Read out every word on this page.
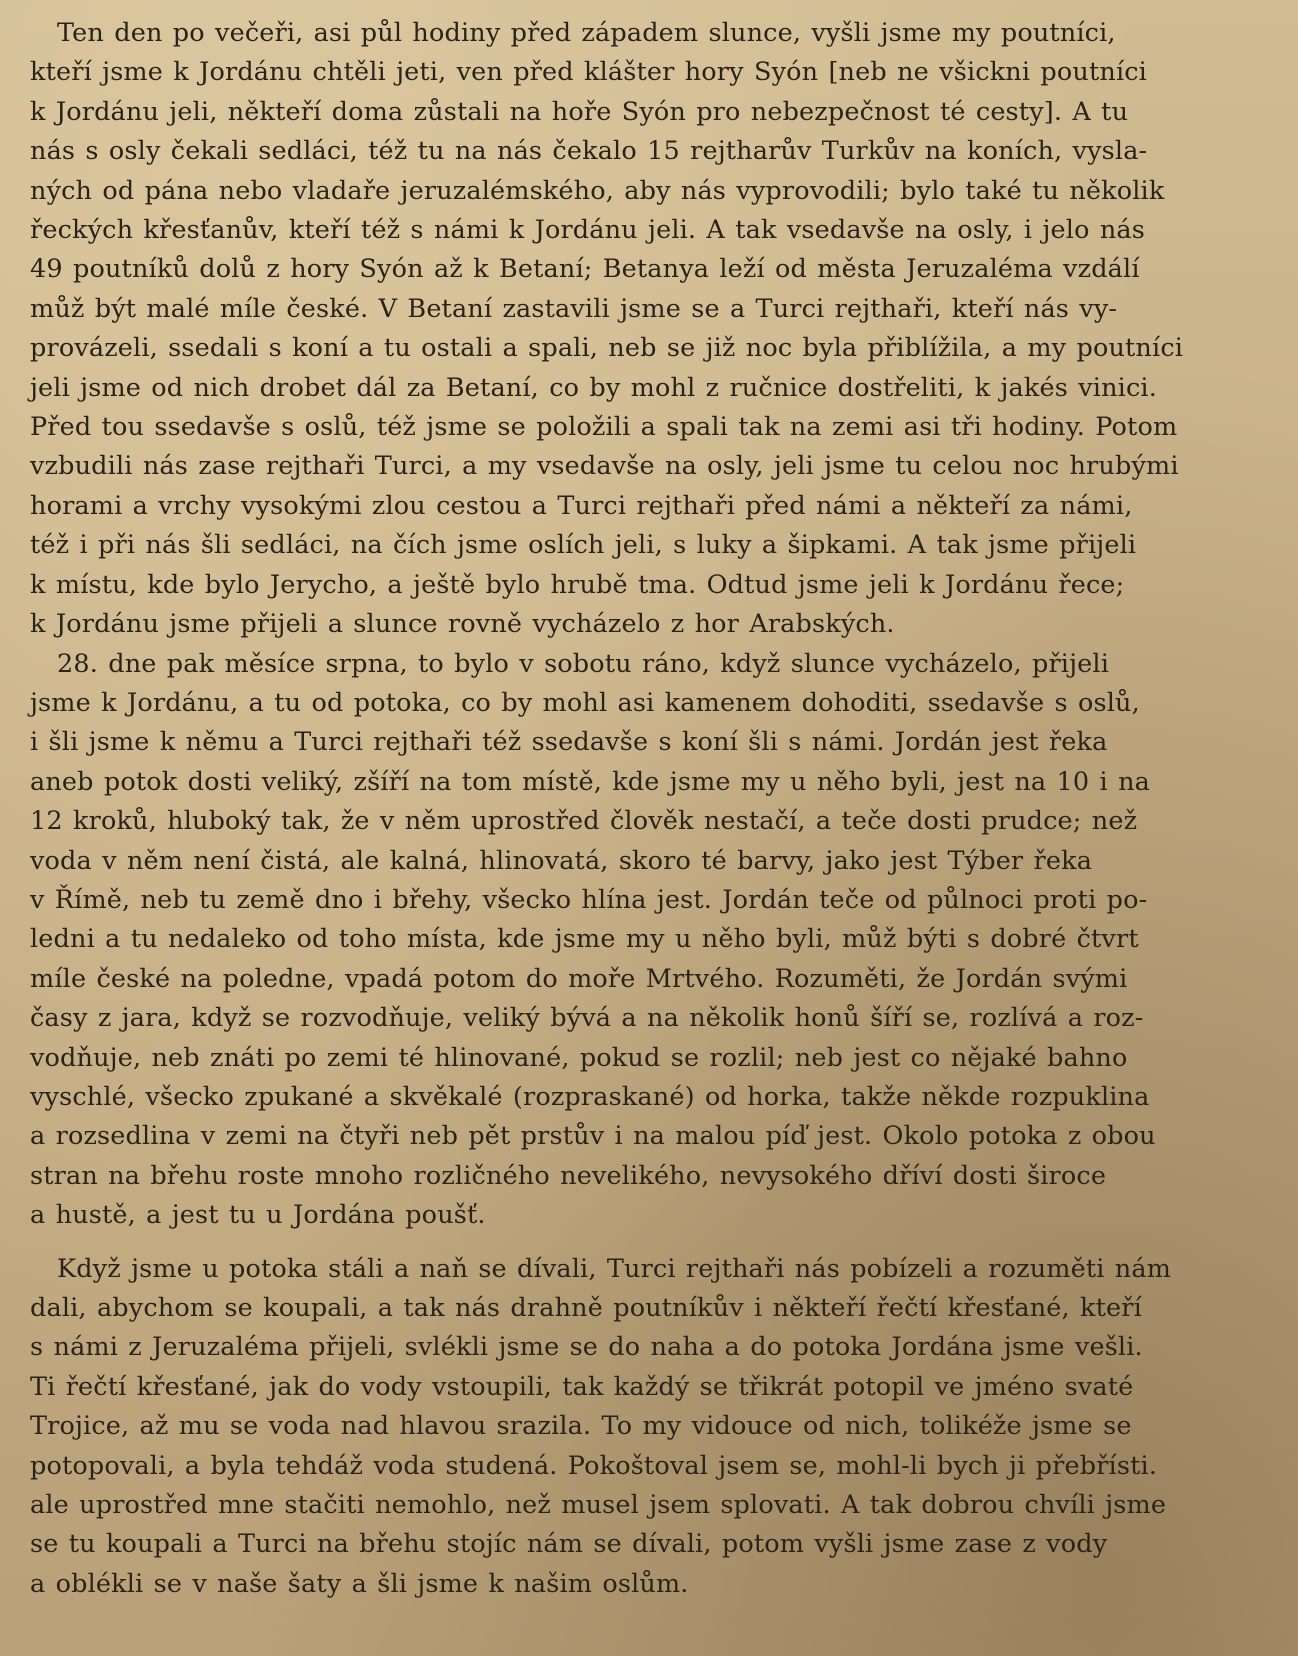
Ten den po večeři, asi půl hodiny před západem slunce, vyšli jsme my poutníci,
kteří jsme k Jordánu chtěli jeti, ven před klášter hory Syón [neb ne všickni poutníci
k Jordánu jeli, někteří doma zůstali na hoře Syón pro nebezpečnost té cesty]. A tu
nás s osly čekali sedláci, též tu na nás čekalo 15 rejtharův Turkův na koních, vysla-
ných od pána nebo vladaře jeruzalémského, aby nás vyprovodili; bylo také tu několik
řeckých křesťanův, kteří též s námi k Jordánu jeli. A tak vsedavše na osly, i jelo nás
49 poutníků dolů z hory Syón až k Betaní; Betanya leží od města Jeruzaléma vzdálí
můž být malé míle české. V Betaní zastavili jsme se a Turci rejthaři, kteří nás vy-
provázeli, ssedali s koní a tu ostali a spali, neb se již noc byla přiblížila, a my poutníci
jeli jsme od nich drobet dál za Betaní, co by mohl z ručnice dostřeliti, k jakés vinici.
Před tou ssedavše s oslů, též jsme se položili a spali tak na zemi asi tři hodiny. Potom
vzbudili nás zase rejthaři Turci, a my vsedavše na osly, jeli jsme tu celou noc hrubými
horami a vrchy vysokými zlou cestou a Turci rejthaři před námi a někteří za námi,
též i při nás šli sedláci, na čích jsme oslích jeli, s luky a šipkami. A tak jsme přijeli
k místu, kde bylo Jerycho, a ještě bylo hrubě tma. Odtud jsme jeli k Jordánu řece;
k Jordánu jsme přijeli a slunce rovně vycházelo z hor Arabských.

28. dne pak měsíce srpna, to bylo v sobotu ráno, když slunce vycházelo, přijeli
jsme k Jordánu, a tu od potoka, co by mohl asi kamenem dohoditi, ssedavše s oslů,
i šli jsme k němu a Turci rejthaři též ssedavše s koní šli s námi. Jordán jest řeka
aneb potok dosti veliký, zšíří na tom místě, kde jsme my u něho byli, jest na 10 i na
12 kroků, hluboký tak, že v něm uprostřed člověk nestačí, a teče dosti prudce; než
voda v něm není čistá, ale kalná, hlinovatá, skoro té barvy, jako jest Týber řeka
v Římě, neb tu země dno i břehy, všecko hlína jest. Jordán teče od půlnoci proti po-
ledni a tu nedaleko od toho místa, kde jsme my u něho byli, můž býti s dobré čtvrt
míle české na poledne, vpadá potom do moře Mrtvého. Rozuměti, že Jordán svými
časy z jara, když se rozvodňuje, veliký bývá a na několik honů šíří se, rozlívá a roz-
vodňuje, neb znáti po zemi té hlinované, pokud se rozlil; neb jest co nějaké bahno
vyschlé, všecko zpukané a skvěkalé (rozpraskané) od horka, takže někde rozpuklina
a rozsedlina v zemi na čtyři neb pět prstův i na malou píď jest. Okolo potoka z obou
stran na břehu roste mnoho rozličného nevelikého, nevysokého dříví dosti široce
a hustě, a jest tu u Jordána poušť.

Když jsme u potoka stáli a naň se dívali, Turci rejthaři nás pobízeli a rozuměti nám
dali, abychom se koupali, a tak nás drahně poutníkův i někteří řečtí křesťané, kteří
s námi z Jeruzaléma přijeli, svlékli jsme se do naha a do potoka Jordána jsme vešli.
Ti řečtí křesťané, jak do vody vstoupili, tak každý se třikrát potopil ve jméno svaté
Trojice, až mu se voda nad hlavou srazila. To my vidouce od nich, tolikéže jsme se
potopovali, a byla tehdáž voda studená. Pokoštoval jsem se, mohl-li bych ji přebřísti.
ale uprostřed mne stačiti nemohlo, než musel jsem splovati. A tak dobrou chvíli jsme
se tu koupali a Turci na břehu stojíc nám se dívali, potom vyšli jsme zase z vody
a oblékli se v naše šaty a šli jsme k našim oslům.
